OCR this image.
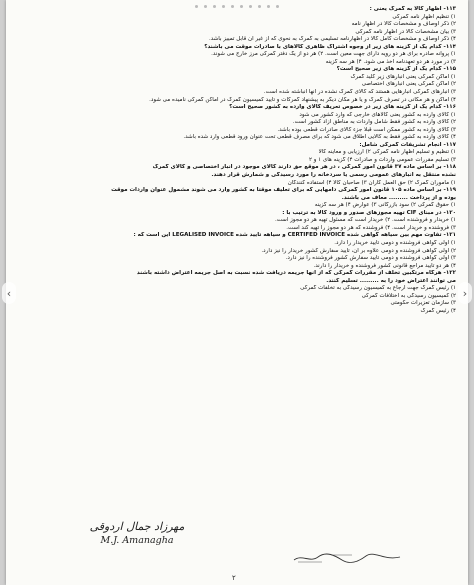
۱۱۳- اظهار کالا به گمرک یعنی :
۱) تنظیم اظهار نامه گمرکی
۲) ذکر اوصاف و مشخصات کالا در اظهار نامه
۳) بیان مشخصات کالا در اظهار نامه گمرکی
۴) ذکر اوصاف و مشخصات کامل کالا در اظهارنامه تسلیمی به گمرک به نحوی که از غیر آن قابل تمییز باشد.
۱۱۴- کدام یک از گزینه های زیر از وجوه اشتراک ظاهری کالاهای با صادرات موقت می باشند؟
۱) پروانه صادره برای هر دو رویه دارای جهت معین است. ۲) هر دو از یک دفتر گمرکی مرز خارج می شوند.
۳) در مورد هر دو تعهدنامه اخذ می شود. ۴) هر سه گزینه
۱۱۵- کدام یک از گزینه های زیر صحیح است؟
۱) اماکن گمرکی یعنی انبارهای زیر کلید گمرک
۲) اماکن گمرکی یعنی انبارهای اختصاصی
۳) انبارهای گمرکی انبارهایی هستند که کالای گمرک نشده در آنها انباشته شده است.
۴) اماکن و هر مکانی در تصرف گمرک و یا هر مکان دیگر به پیشنهاد گمرکات و تایید کمیسیون گمرک در اماکن گمرکی نامیده می شود.
۱۱۶- کدام یک از گزینه های زیر در خصوص تعریف کالای وارده به کشور صحیح است؟
۱) کالای وارده به کشور یعنی کالاهای خارجی که وارد کشور می شود
۲) کالای وارده به کشور فقط شامل واردات به مناطق آزاد کشور است.
۳) کالای وارده به کشور ممکن است قبلاً جزء کالای صادرات قطعی بوده باشد.
۴) کالای وارده به کشور فقط به کالایی اطلاق می شود که برای مصرف قطعی تحت عنوان ورود قطعی وارد شده باشد.
۱۱۷- انجام تشریفات گمرکی شامل:
۱) تنظیم و تسلیم اظهار نامه گمرکی ۲) ارزیابی و معاینه کالا
۳) تسلیم مقررات عمومی واردات و صادرات ۴) گزینه های ۱ و ۲
۱۱۸- بر اساس ماده ۳۷ قانون امور گمرکی ، در هر موقع حق دارند کالای موجود در انبار اختصاصی و کالای گمرک
نشده منتقل به انبارهای عمومی رسمی یا سردخانه را مورد رسیدگی و شمارش قرار دهند.
۱) مأموران گمرک ۲) حق العمل کاران ۳) صاحبان کالا ۴) استفاده کنندگان
۱۱۹- بر اساس ماده ۱۰۵ قانون امور گمرکی دامهایی که برای تعلیف موقتاً به کشور وارد می شوند مشمول عنوان واردات موقت
بوده و از پرداخت ......... معاف می باشند.
۱) حقوق گمرکی ۲) سود بازرگانی ۳) عوارض ۴) هر سه گزینه
۱۲۰- در مبنای CIF تهیه مجوزهای صدور و ورود کالا به ترتیب با :
۱) خریدار و فروشنده است. ۲) خریدار است که مسئول تهیه هر دو مجوز است.
۳) فروشنده و خریدار است. ۴) فروشنده که هر دو مجوز را تهیه کند است.
۱۲۱- تفاوت مهم بین سیاهه گواهی شده CERTIFED INVOICE و سیاهه تایید شده LEGALISED INVOICE این است که :
۱) اولی گواهی فروشنده و دومی تایید خریدار را دارد.
۲) اولی گواهی فروشنده و دومی علاوه بر آن، تایید سفارش کشور خریدار را نیز دارد.
۳) اولی گواهی فروشنده و دومی تایید سفارش کشور فروشنده را نیز دارد.
۴) هر دو تایید مراجع قانونی کشور فروشنده و خریدار را دارند.
۱۲۲- هرگاه مرتکبین تخلف از مقررات گمرکی که از آنها جریمه دریافت شده نسبت به اصل جریمه اعتراض داشته باشند
می توانند اعتراض خود را به ......... تسلیم کنند.
۱) رئیس گمرک جهت ارجاع به کمیسیون رسیدگی به تخلفات گمرکی
۲) کمیسیون رسیدگی به اختلافات گمرکی
۳) سازمان تعزیرات حکومتی
۴) رئیس گمرک
مهرزاد جمال اردوقی
M.J. Amanagha
۲
‹	›
